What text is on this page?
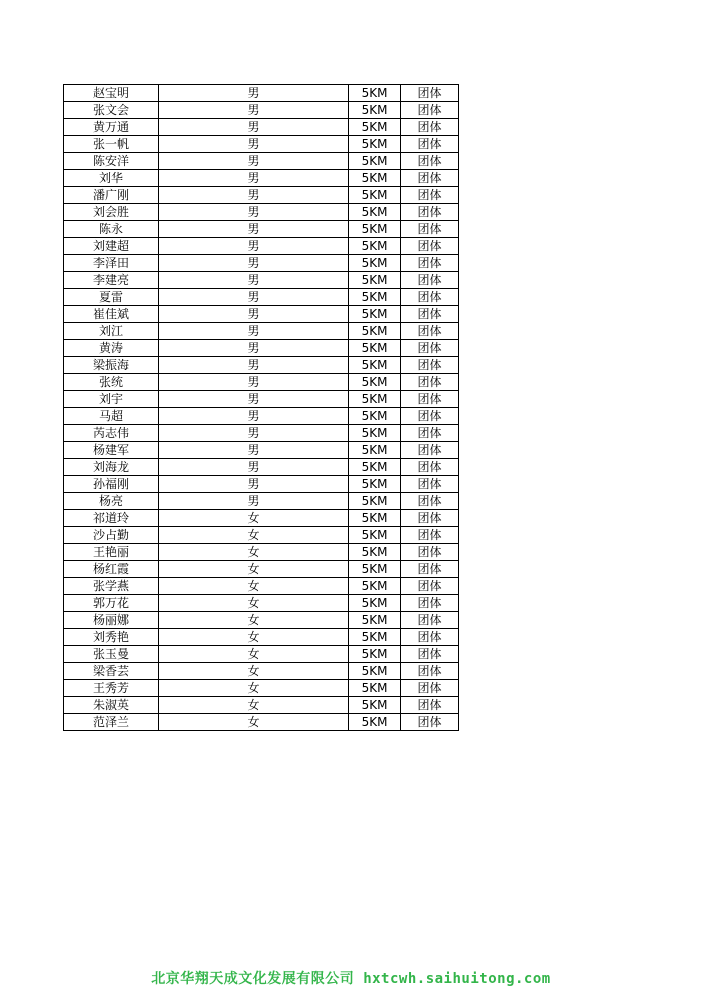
赵宝明	男	5KM	团体
张文会	男	5KM	团体
黄万通	男	5KM	团体
张一帆	男	5KM	团体
陈安洋	男	5KM	团体
刘华	男	5KM	团体
潘广刚	男	5KM	团体
刘会胜	男	5KM	团体
陈永	男	5KM	团体
刘建超	男	5KM	团体
李泽田	男	5KM	团体
李建亮	男	5KM	团体
夏雷	男	5KM	团体
崔佳斌	男	5KM	团体
刘江	男	5KM	团体
黄涛	男	5KM	团体
梁振海	男	5KM	团体
张统	男	5KM	团体
刘宇	男	5KM	团体
马超	男	5KM	团体
芮志伟	男	5KM	团体
杨建军	男	5KM	团体
刘海龙	男	5KM	团体
孙福刚	男	5KM	团体
杨亮	男	5KM	团体
祁道玲	女	5KM	团体
沙占勤	女	5KM	团体
王艳丽	女	5KM	团体
杨红霞	女	5KM	团体
张学燕	女	5KM	团体
郭万花	女	5KM	团体
杨丽娜	女	5KM	团体
刘秀艳	女	5KM	团体
张玉曼	女	5KM	团体
梁香芸	女	5KM	团体
王秀芳	女	5KM	团体
朱淑英	女	5KM	团体
范泽兰	女	5KM	团体
北京华翔天成文化发展有限公司 hxtcwh.saihuitong.com
